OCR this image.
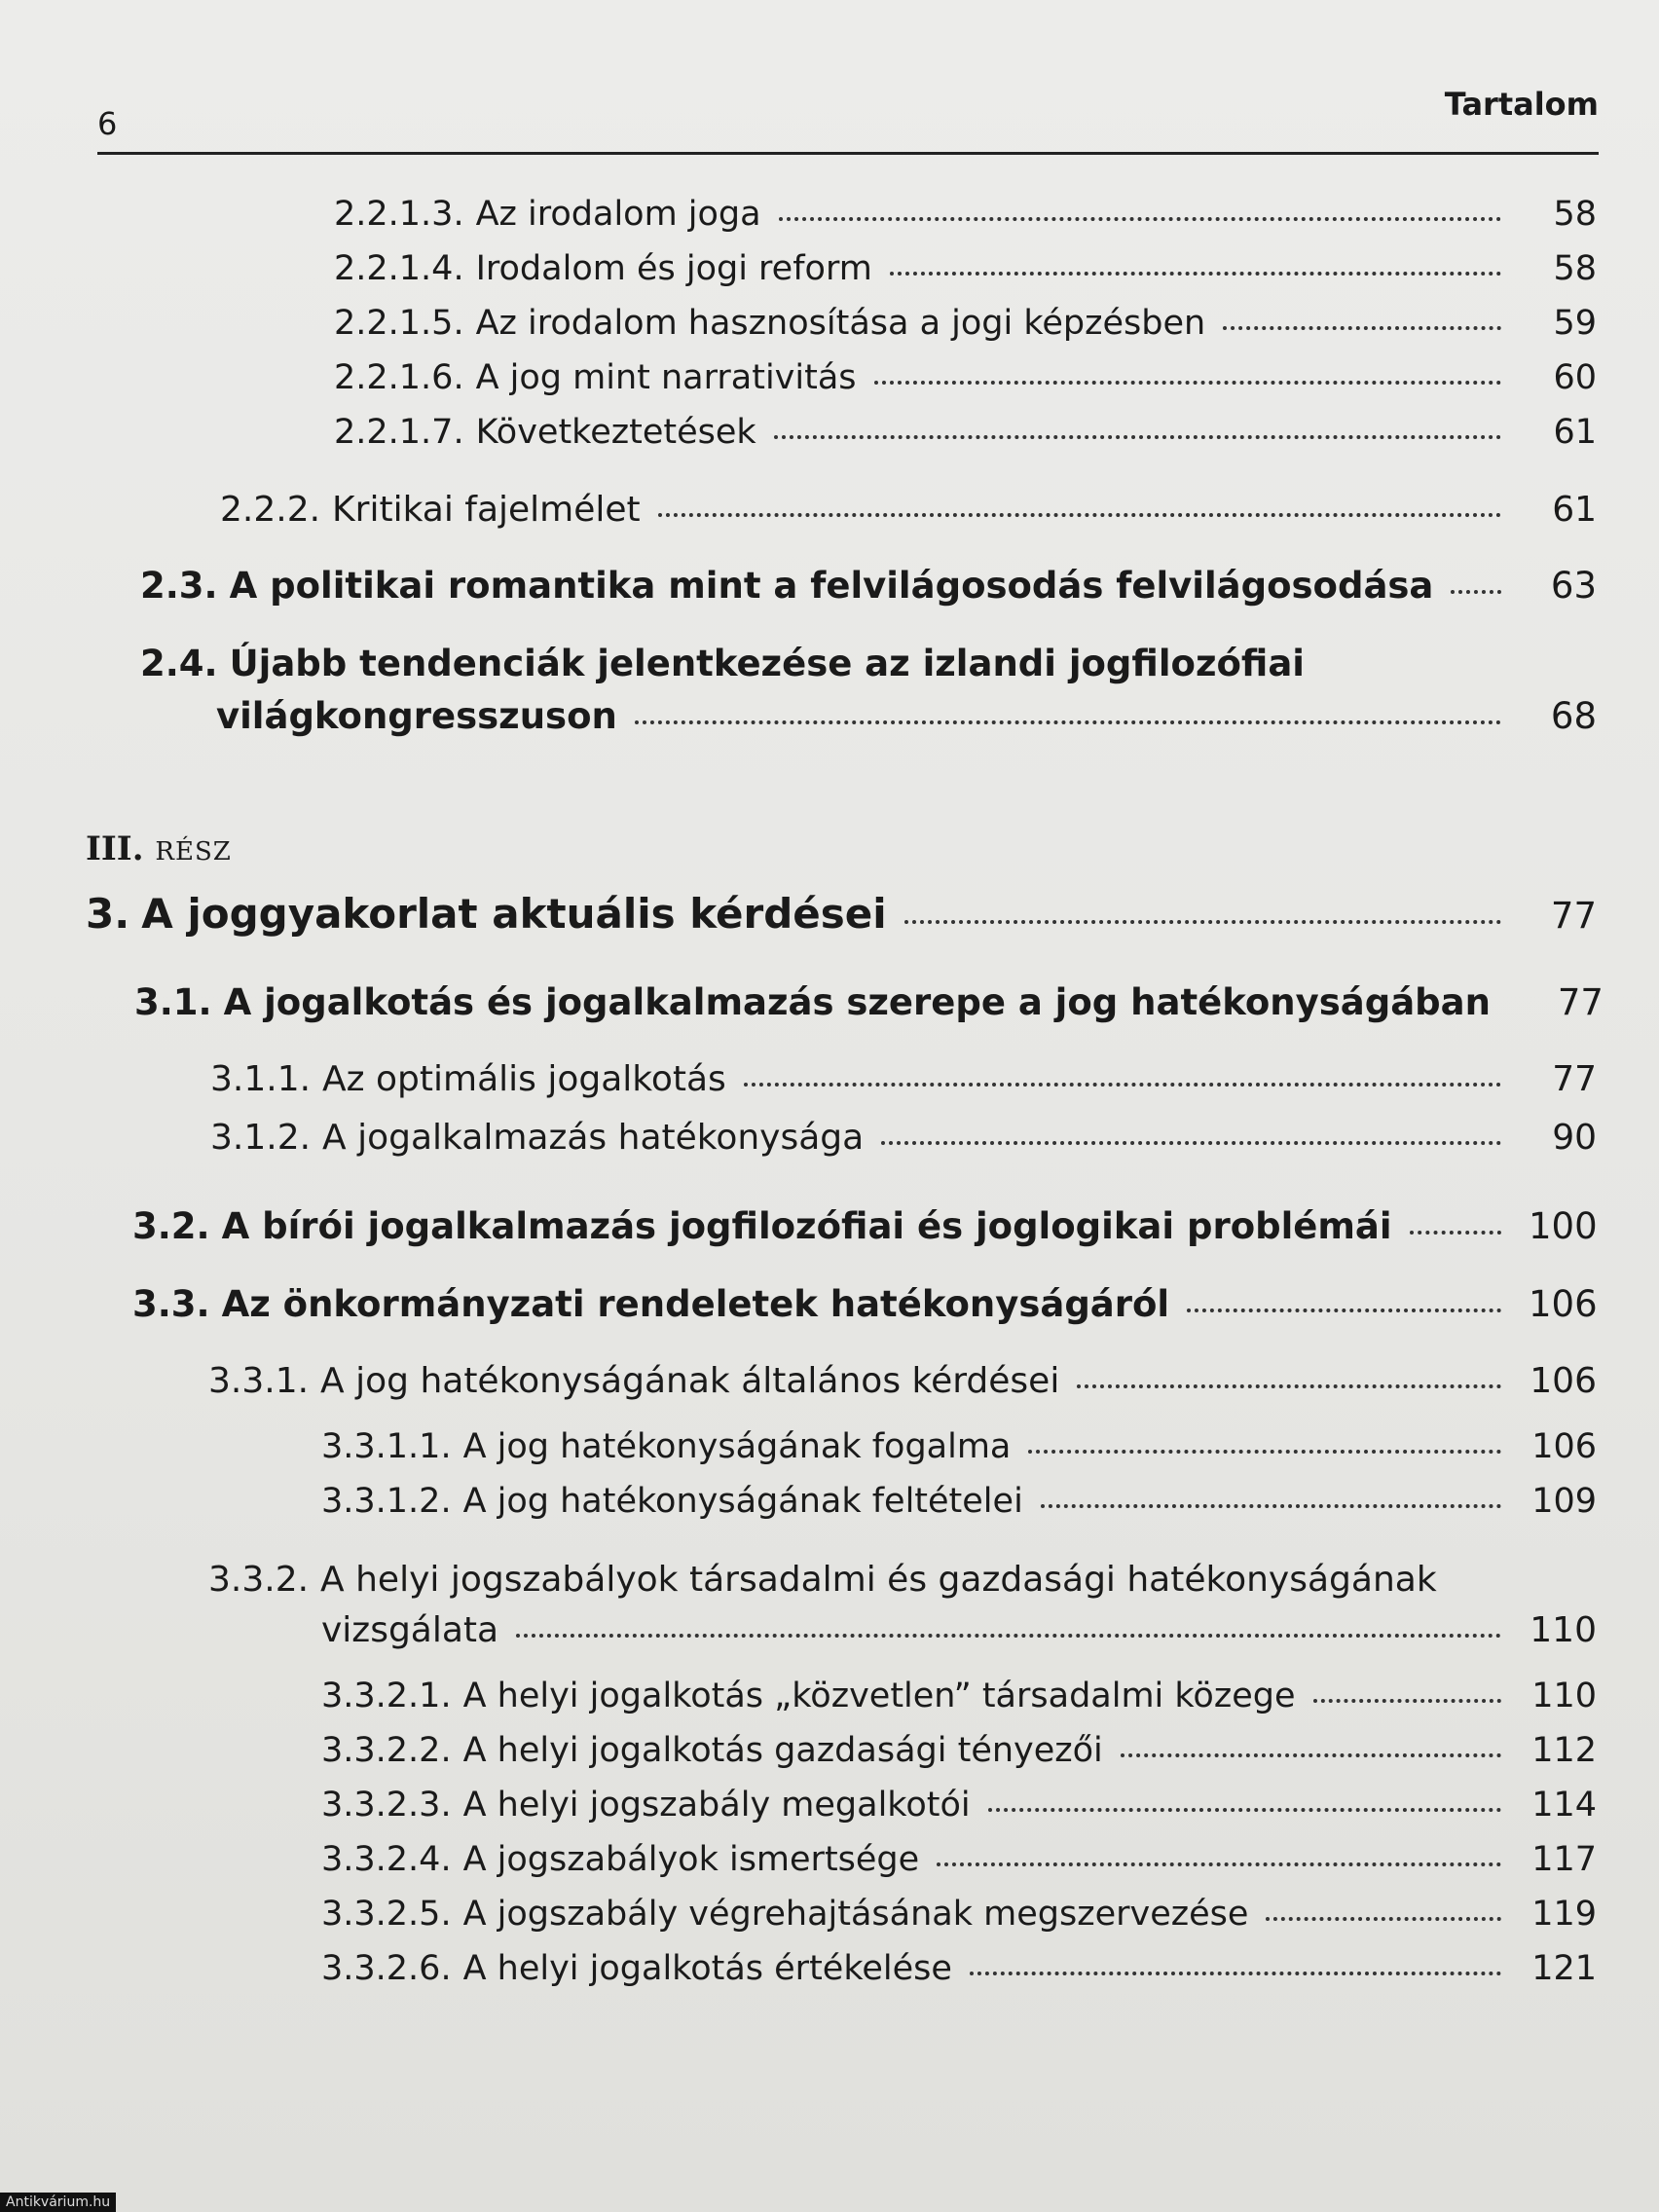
6
Tartalom
2.2.1.3. Az irodalom joga	58
2.2.1.4. Irodalom és jogi reform	58
2.2.1.5. Az irodalom hasznosítása a jogi képzésben	59
2.2.1.6. A jog mint narrativitás	60
2.2.1.7. Következtetések	61
2.2.2. Kritikai fajelmélet	61
2.3. A politikai romantika mint a felvilágosodás felvilágosodása	63
2.4. Újabb tendenciák jelentkezése az izlandi jogfilozófiai
világkongresszuson	68
III. RÉSZ
3. A joggyakorlat aktuális kérdései	77
3.1. A jogalkotás és jogalkalmazás szerepe a jog hatékonyságában	77
3.1.1. Az optimális jogalkotás	77
3.1.2. A jogalkalmazás hatékonysága	90
3.2. A bírói jogalkalmazás jogfilozófiai és joglogikai problémái	100
3.3. Az önkormányzati rendeletek hatékonyságáról	106
3.3.1. A jog hatékonyságának általános kérdései	106
3.3.1.1. A jog hatékonyságának fogalma	106
3.3.1.2. A jog hatékonyságának feltételei	109
3.3.2. A helyi jogszabályok társadalmi és gazdasági hatékonyságának
vizsgálata	110
3.3.2.1. A helyi jogalkotás „közvetlen” társadalmi közege	110
3.3.2.2. A helyi jogalkotás gazdasági tényezői	112
3.3.2.3. A helyi jogszabály megalkotói	114
3.3.2.4. A jogszabályok ismertsége	117
3.3.2.5. A jogszabály végrehajtásának megszervezése	119
3.3.2.6. A helyi jogalkotás értékelése	121
Antikvárium.hu
